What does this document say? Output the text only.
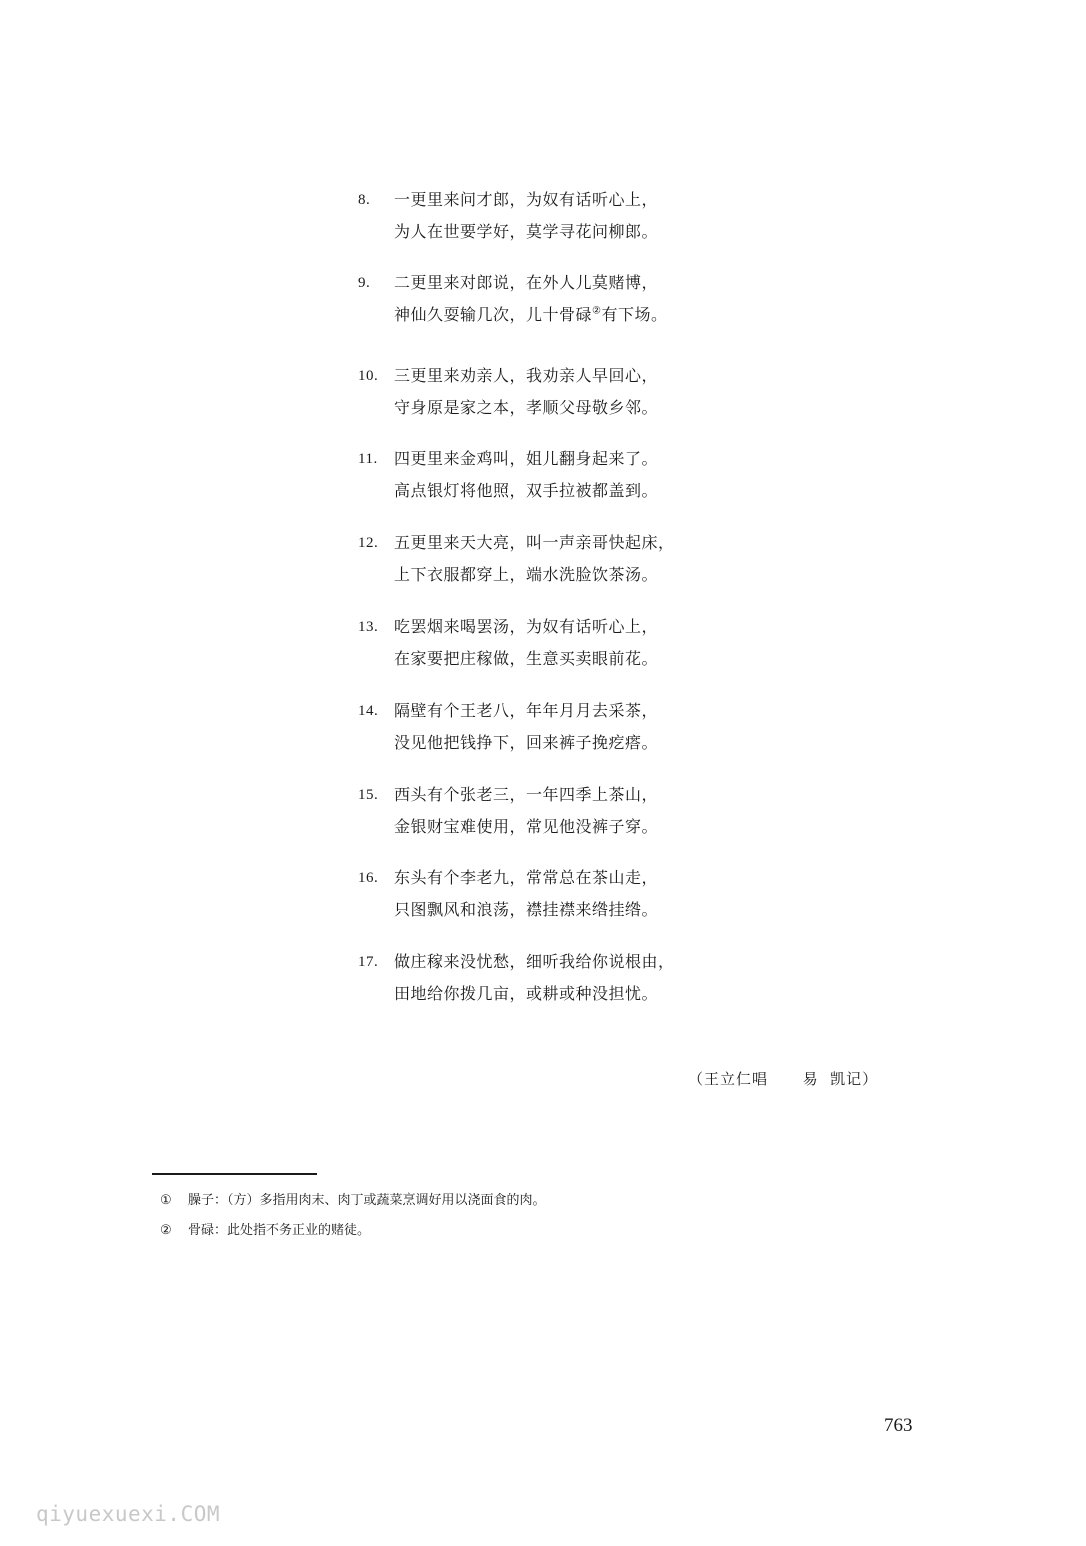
8.	一更里来问才郎，为奴有话听心上，
为人在世要学好，莫学寻花问柳郎。
9.	二更里来对郎说，在外人儿莫赌博，
神仙久耍输几次，儿十骨碌②有下场。
10. 三更里来劝亲人，我劝亲人早回心，
守身原是家之本，孝顺父母敬乡邻。
11.	四更里来金鸡叫，姐儿翻身起来了。
高点银灯将他照，双手拉被都盖到。
12. 五更里来天大亮，叫一声亲哥快起床，
上下衣服都穿上，端水洗脸饮茶汤。
13. 吃罢烟来喝罢汤，为奴有话听心上，
在家要把庄稼做，生意买卖眼前花。
14. 隔壁有个王老八，年年月月去采茶，
没见他把钱挣下，回来裤子挽疙瘩。
15. 西头有个张老三，一年四季上茶山，
金银财宝难使用，常见他没裤子穿。
16. 东头有个李老九，常常总在茶山走，
只图飘风和浪荡，襟挂襟来绺挂绺。
17. 做庄稼来没忧愁，细听我给你说根由，
田地给你拨几亩，或耕或种没担忧。
（王立仁唱      易  凯记）
① 臊子：（方）多指用肉末、肉丁或蔬菜烹调好用以浇面食的肉。
② 骨碌：此处指不务正业的赌徒。
763
qiyuexuexi.COM
